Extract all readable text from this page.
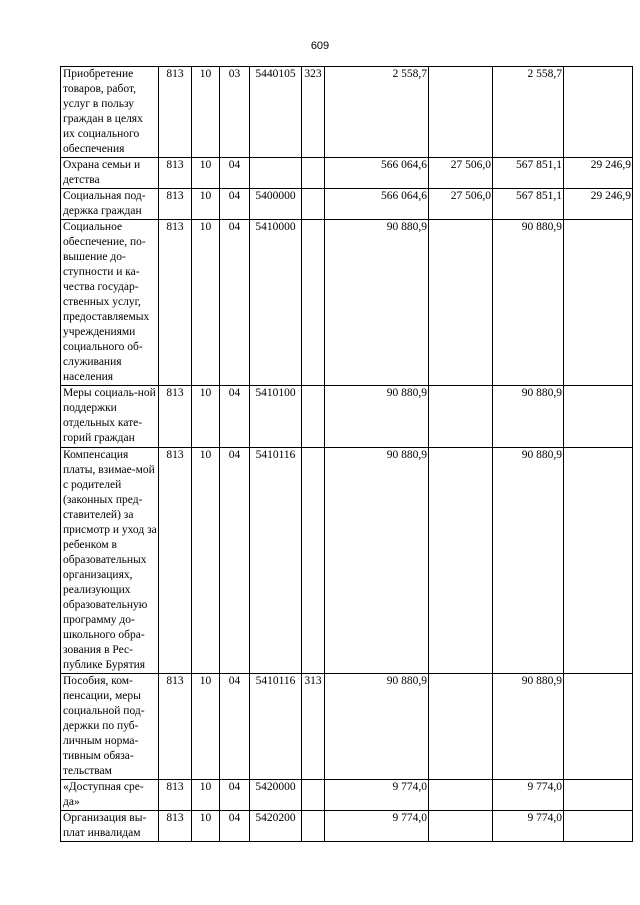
609
Приобретение товаров, работ, услуг в пользу граждан в целях их социального обеспечения	813	10	03	5440105	323	2 558,7		2 558,7	
Охрана семьи и детства	813	10	04			566 064,6	27 506,0	567 851,1	29 246,9
Социальная под-держка граждан	813	10	04	5400000		566 064,6	27 506,0	567 851,1	29 246,9
Социальное обеспечение, по-вышение до-ступности и ка-чества государ-ственных услуг, предоставляемых учреждениями социального об-служивания населения	813	10	04	5410000		90 880,9		90 880,9	
Меры социаль-ной поддержки отдельных кате-горий граждан	813	10	04	5410100		90 880,9		90 880,9	
Компенсация платы, взимае-мой с родителей (законных пред-ставителей) за присмотр и уход за ребенком в образовательных организациях, реализующих образовательную программу до-школьного обра-зования в Рес-публике Бурятия	813	10	04	5410116		90 880,9		90 880,9	
Пособия, ком-пенсации, меры социальной под-держки по пуб-личным норма-тивным обяза-тельствам	813	10	04	5410116	313	90 880,9		90 880,9	
«Доступная сре-да»	813	10	04	5420000		9 774,0		9 774,0	
Организация вы-плат инвалидам	813	10	04	5420200		9 774,0		9 774,0	
